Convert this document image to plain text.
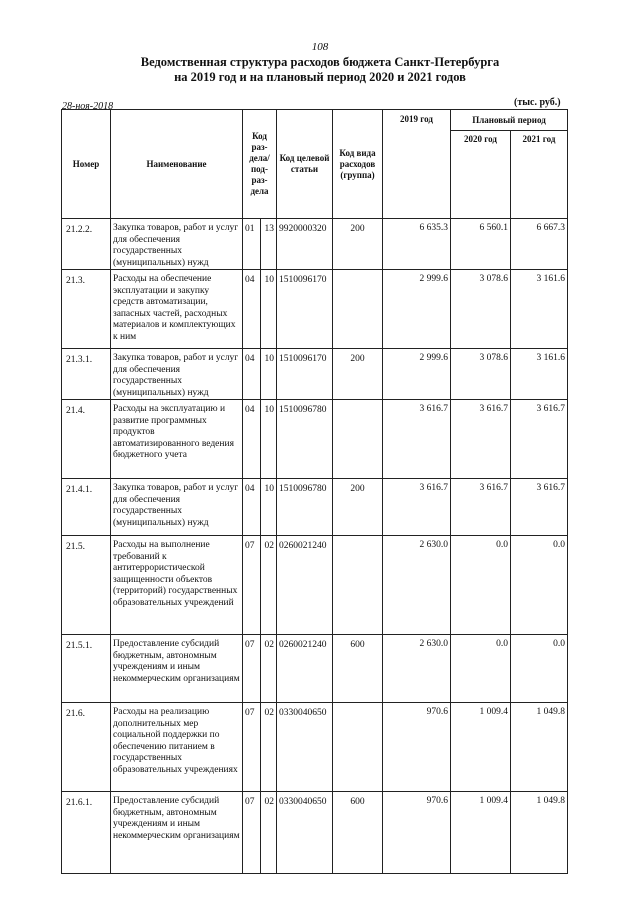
108
Ведомственная структура расходов бюджета Санкт-Петербурга
на 2019 год и на плановый период 2020 и 2021 годов
28-ноя-2018	(тыс. руб.)
Номер	Наименование	Код раз-дела/ под-раз-дела		Код целевой статьи	Код вида расходов (группа)	2019 год	Плановый период	
							2020 год	2021 год
21.2.2.	Закупка товаров, работ и услуг для обеспечения государственных (муниципальных) нужд	01	13	9920000320	200	6 635.3	6 560.1	6 667.3
21.3.	Расходы на обеспечение эксплуатации и закупку средств автоматизации, запасных частей, расходных материалов и комплектующих к ним	04	10	1510096170		2 999.6	3 078.6	3 161.6
21.3.1.	Закупка товаров, работ и услуг для обеспечения государственных (муниципальных) нужд	04	10	1510096170	200	2 999.6	3 078.6	3 161.6
21.4.	Расходы на эксплуатацию и развитие программных продуктов автоматизированного ведения бюджетного учета	04	10	1510096780		3 616.7	3 616.7	3 616.7
21.4.1.	Закупка товаров, работ и услуг для обеспечения государственных (муниципальных) нужд	04	10	1510096780	200	3 616.7	3 616.7	3 616.7
21.5.	Расходы на выполнение требований к антитеррористической защищенности объектов (территорий) государственных образовательных учреждений	07	02	0260021240		2 630.0	0.0	0.0
21.5.1.	Предоставление субсидий бюджетным, автономным учреждениям и иным некоммерческим организациям	07	02	0260021240	600	2 630.0	0.0	0.0
21.6.	Расходы на реализацию дополнительных мер социальной поддержки по обеспечению питанием в государственных образовательных учреждениях	07	02	0330040650		970.6	1 009.4	1 049.8
21.6.1.	Предоставление субсидий бюджетным, автономным учреждениям и иным некоммерческим организациям	07	02	0330040650	600	970.6	1 009.4	1 049.8
